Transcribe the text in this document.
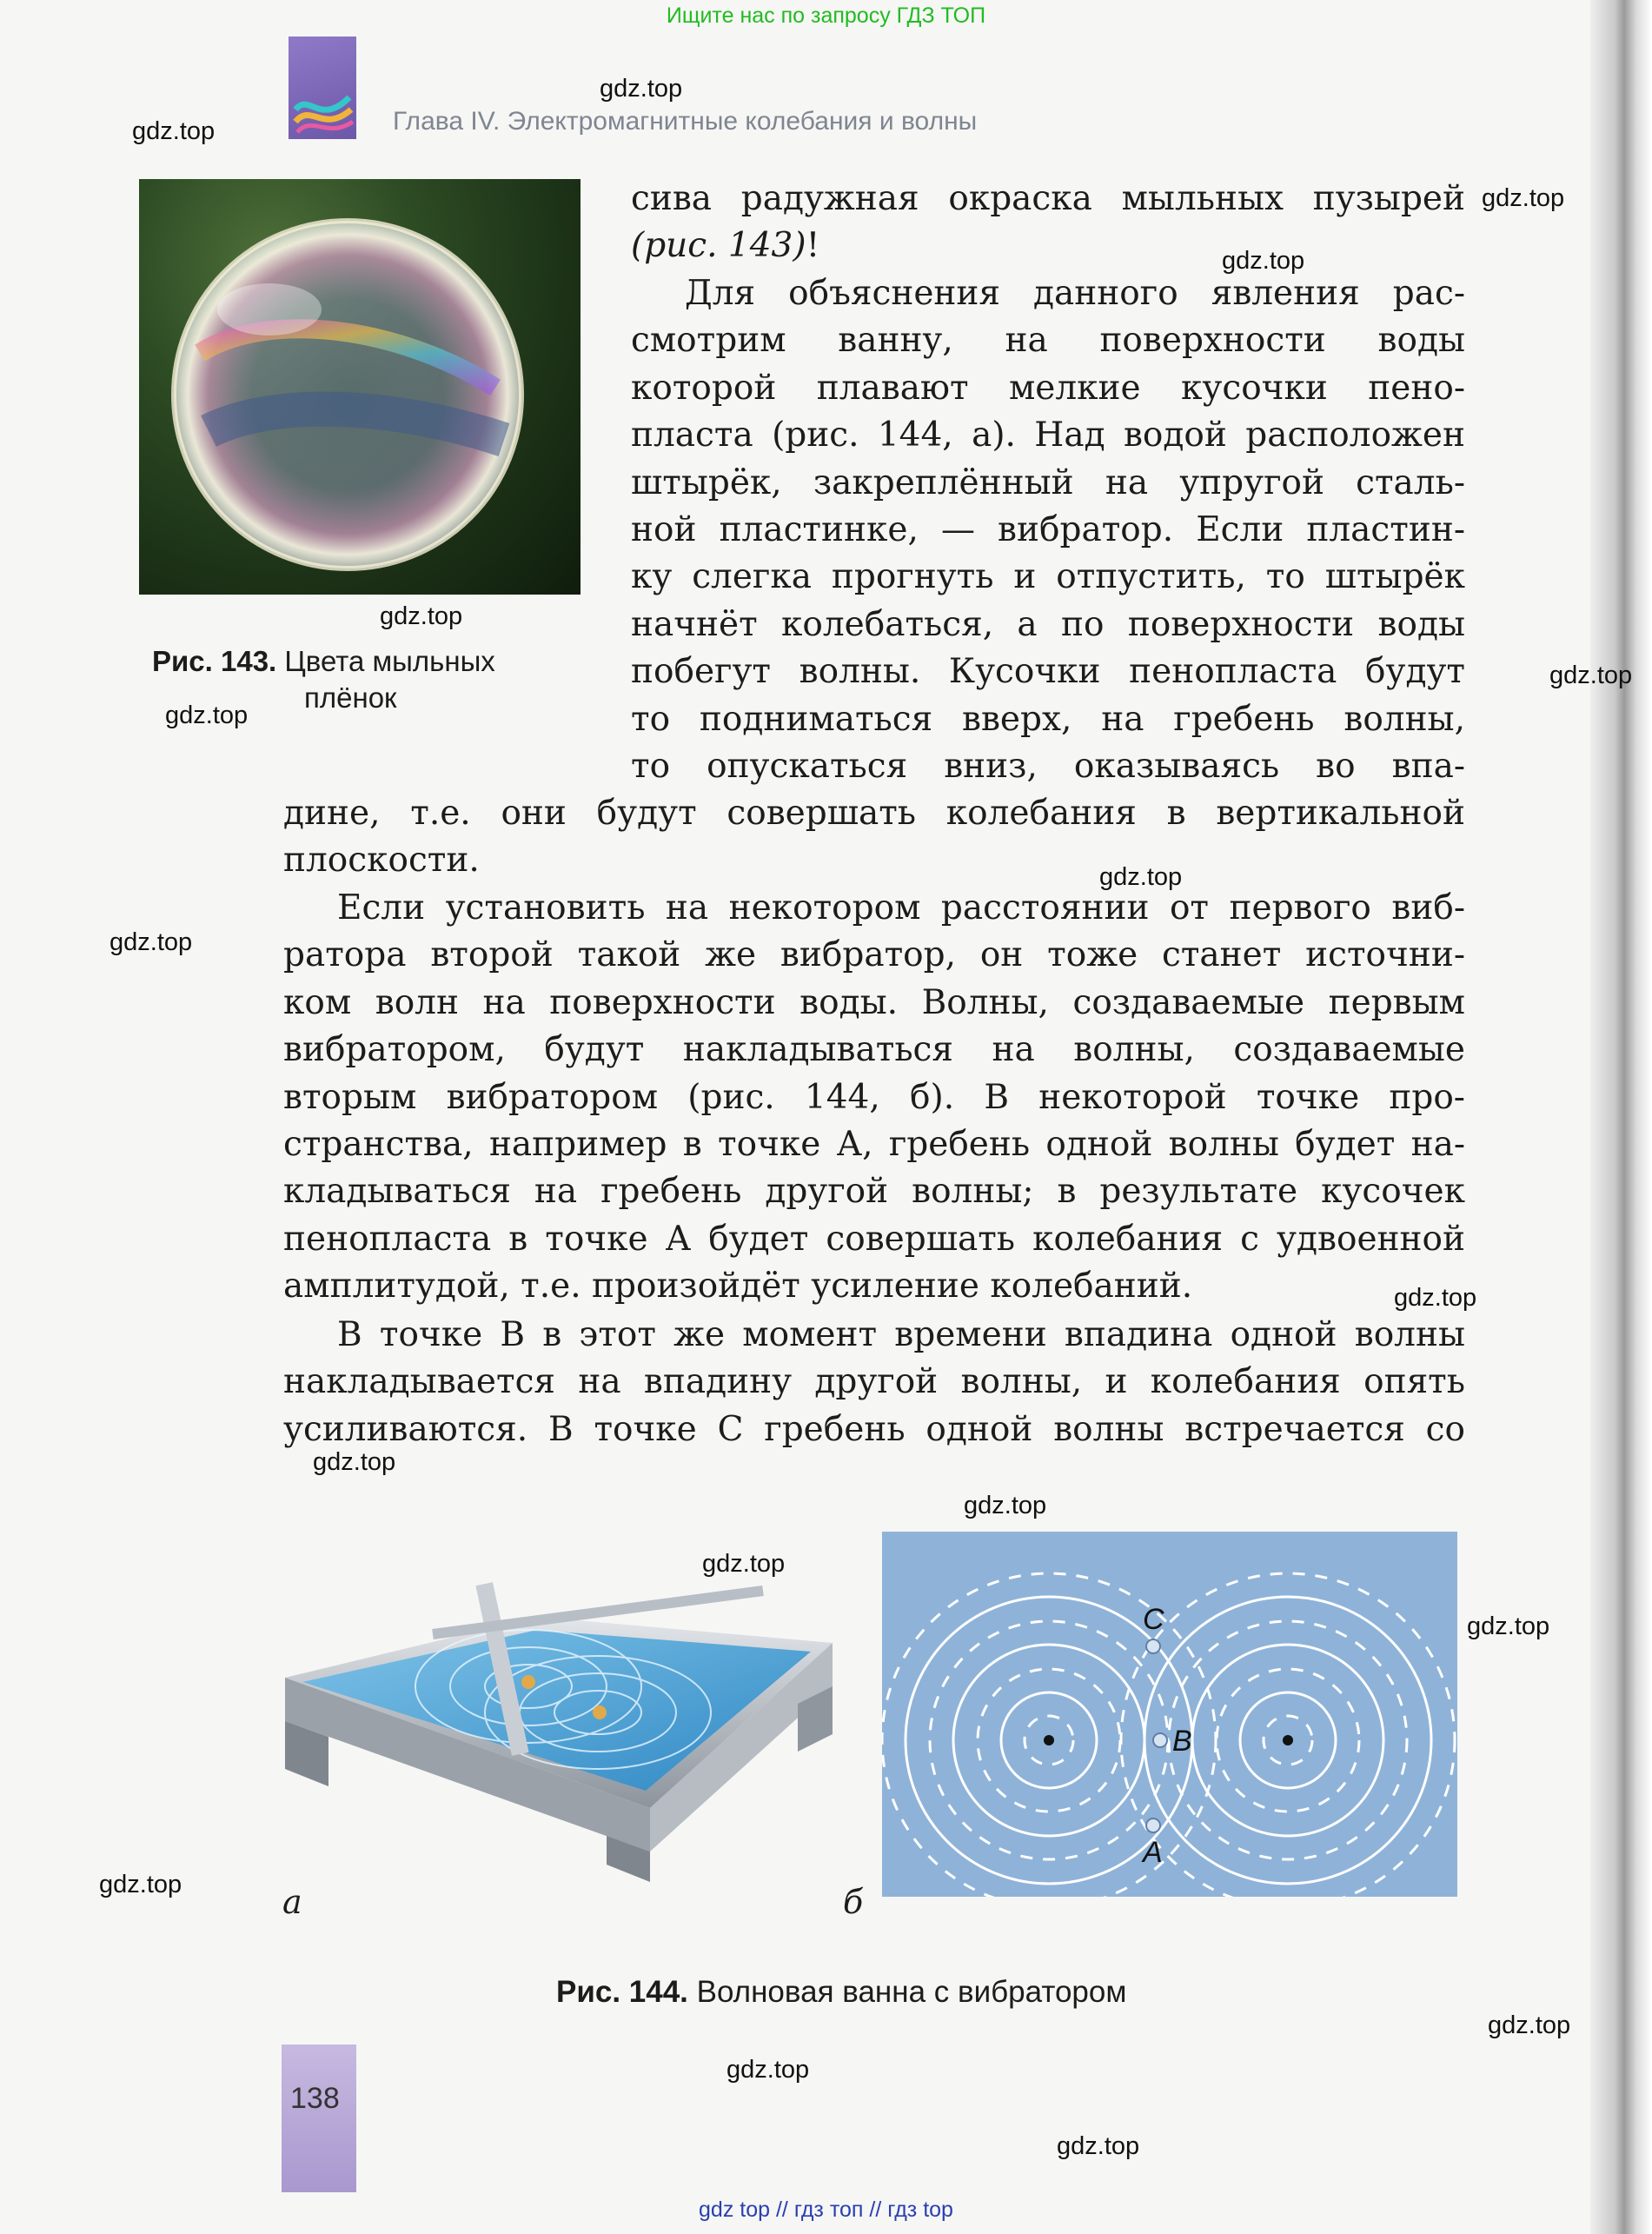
Ищите нас по запросу ГДЗ ТОП
Глава IV. Электромагнитные колебания и волны
Рис. 143. Цвета мыльных
плёнок
сива радужная окраска мыльных пузырей
(рис. 143)!
Для объяснения данного явления рас-
смотрим ванну, на поверхности воды
которой плавают мелкие кусочки пено-
пласта (рис. 144, а). Над водой расположен
штырёк, закреплённый на упругой сталь-
ной пластинке, — вибратор. Если пластин-
ку слегка прогнуть и отпустить, то штырёк
начнёт колебаться, а по поверхности воды
побегут волны. Кусочки пенопласта будут
то подниматься вверх, на гребень волны,
то опускаться вниз, оказываясь во впа-
дине, т.е. они будут совершать колебания в вертикальной
плоскости.
Если установить на некотором расстоянии от первого виб-
ратора второй такой же вибратор, он тоже станет источни-
ком волн на поверхности воды. Волны, создаваемые первым
вибратором, будут накладываться на волны, создаваемые
вторым вибратором (рис. 144, б). В некоторой точке про-
странства, например в точке А, гребень одной волны будет на-
кладываться на гребень другой волны; в результате кусочек
пенопласта в точке А будет совершать колебания с удвоенной
амплитудой, т.е. произойдёт усиление колебаний.
В точке В в этот же момент времени впадина одной волны
накладывается на впадину другой волны, и колебания опять
усиливаются. В точке С гребень одной волны встречается со
C
B
A
а	б
Рис. 144. Волновая ванна с вибратором
138
gdz.top
gdz.top
gdz.top
gdz.top
gdz.top
gdz.top
gdz.top
gdz.top
gdz.top
gdz.top
gdz.top
gdz.top
gdz.top
gdz.top
gdz.top
gdz.top
gdz.top
gdz.top
gdz top // гдз топ // гдз top
